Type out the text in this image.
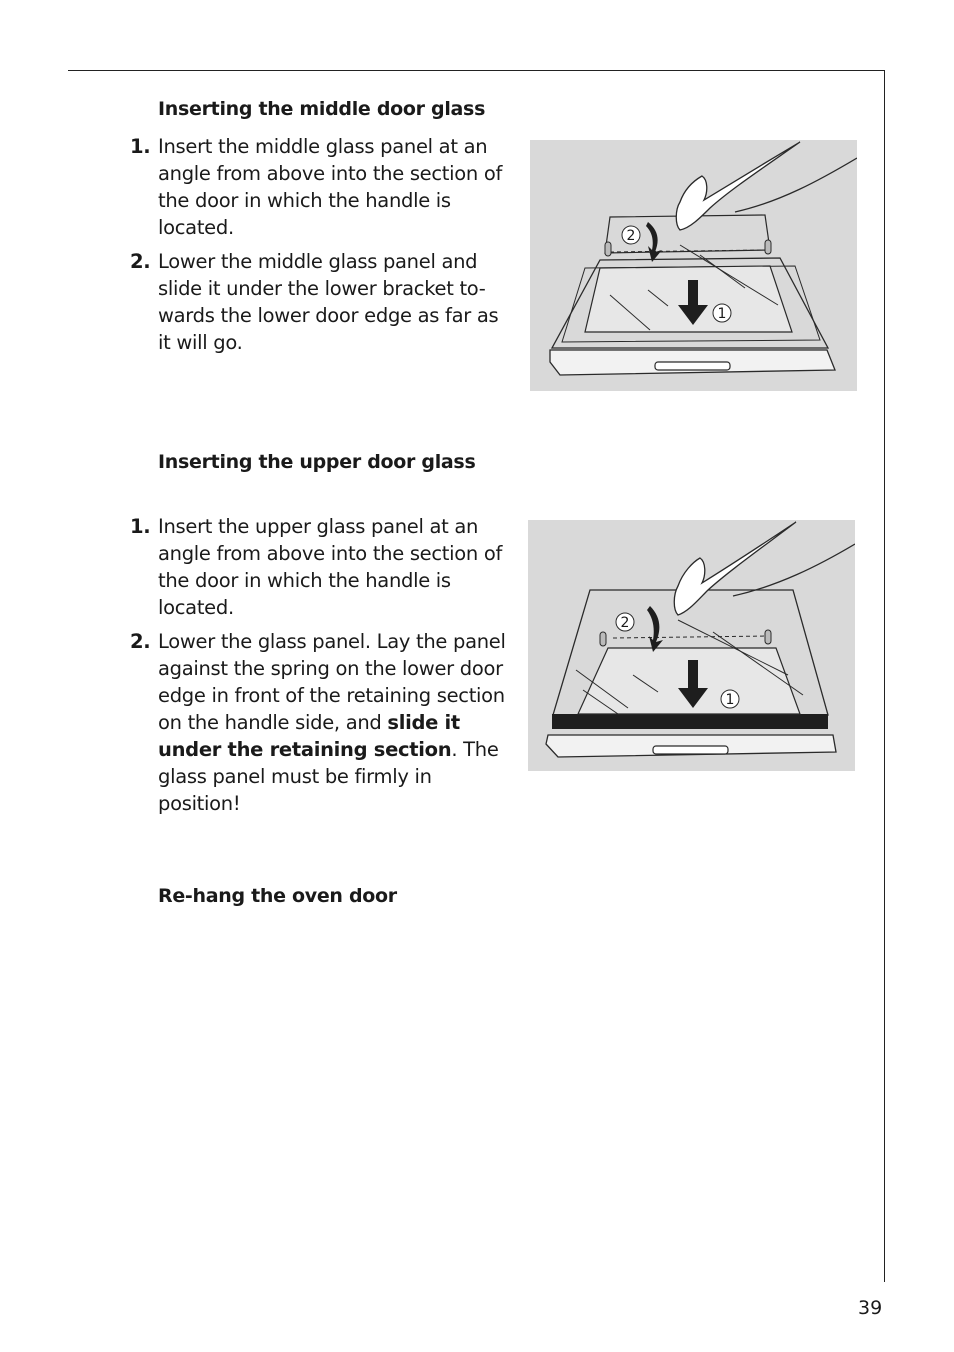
Inserting the middle door glass
1. Insert the middle glass panel at an angle from above into the section of the door in which the handle is located.
2. Lower the middle glass panel and slide it under the lower bracket to-wards the lower door edge as far as it will go.
2
1
Inserting the upper door glass
1. Insert the upper glass panel at an angle from above into the section of the door in which the handle is located.
2. Lower the glass panel. Lay the panel against the spring on the lower door edge in front of the retaining section on the handle side, and slide it under the retaining section. The glass panel must be firmly in position!
2
1
Re-hang the oven door
39
